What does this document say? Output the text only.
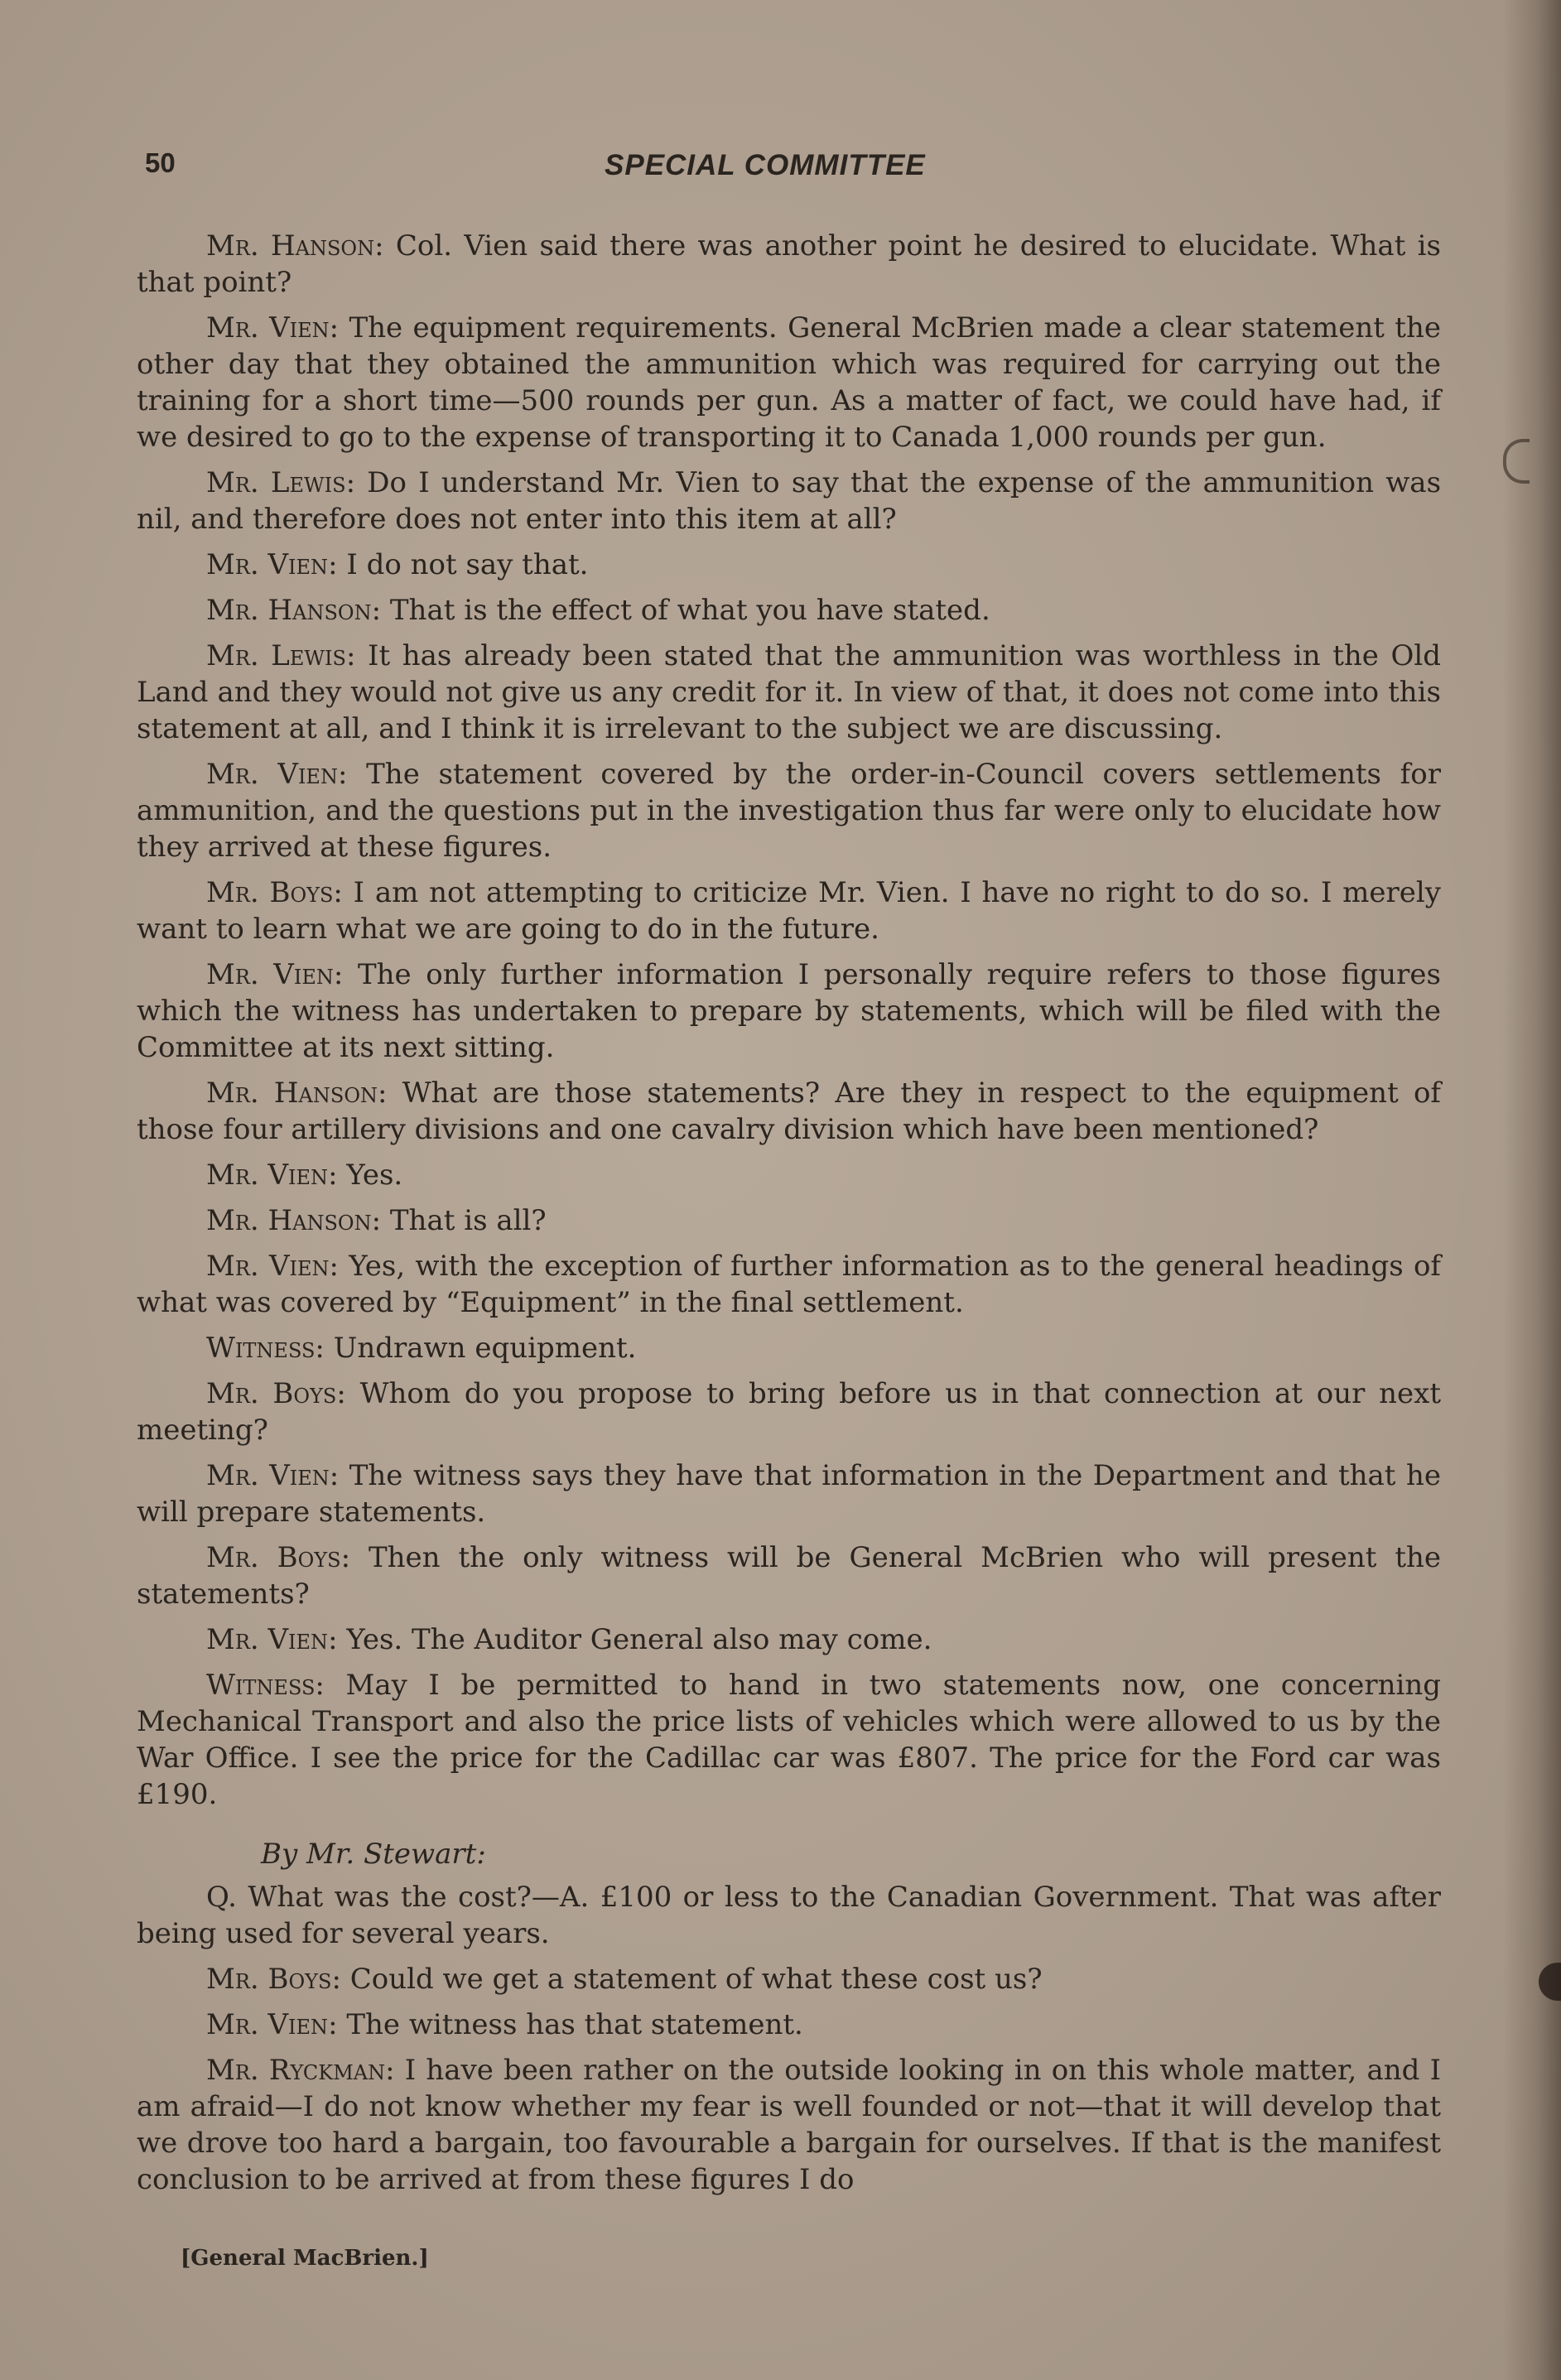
50	SPECIAL COMMITTEE

Mr. Hanson: Col. Vien said there was another point he desired to elucidate. What is that point?

Mr. Vien: The equipment requirements. General McBrien made a clear statement the other day that they obtained the ammunition which was required for carrying out the training for a short time—500 rounds per gun. As a matter of fact, we could have had, if we desired to go to the expense of transporting it to Canada 1,000 rounds per gun.

Mr. Lewis: Do I understand Mr. Vien to say that the expense of the ammunition was nil, and therefore does not enter into this item at all?

Mr. Vien: I do not say that.

Mr. Hanson: That is the effect of what you have stated.

Mr. Lewis: It has already been stated that the ammunition was worthless in the Old Land and they would not give us any credit for it. In view of that, it does not come into this statement at all, and I think it is irrelevant to the subject we are discussing.

Mr. Vien: The statement covered by the order-in-Council covers settlements for ammunition, and the questions put in the investigation thus far were only to elucidate how they arrived at these figures.

Mr. Boys: I am not attempting to criticize Mr. Vien. I have no right to do so. I merely want to learn what we are going to do in the future.

Mr. Vien: The only further information I personally require refers to those figures which the witness has undertaken to prepare by statements, which will be filed with the Committee at its next sitting.

Mr. Hanson: What are those statements? Are they in respect to the equipment of those four artillery divisions and one cavalry division which have been mentioned?

Mr. Vien: Yes.

Mr. Hanson: That is all?

Mr. Vien: Yes, with the exception of further information as to the general headings of what was covered by “Equipment” in the final settlement.

Witness: Undrawn equipment.

Mr. Boys: Whom do you propose to bring before us in that connection at our next meeting?

Mr. Vien: The witness says they have that information in the Department and that he will prepare statements.

Mr. Boys: Then the only witness will be General McBrien who will present the statements?

Mr. Vien: Yes. The Auditor General also may come.

Witness: May I be permitted to hand in two statements now, one concerning Mechanical Transport and also the price lists of vehicles which were allowed to us by the War Office. I see the price for the Cadillac car was £807. The price for the Ford car was £190.

By Mr. Stewart:

Q. What was the cost?—A. £100 or less to the Canadian Government. That was after being used for several years.

Mr. Boys: Could we get a statement of what these cost us?

Mr. Vien: The witness has that statement.

Mr. Ryckman: I have been rather on the outside looking in on this whole matter, and I am afraid—I do not know whether my fear is well founded or not—that it will develop that we drove too hard a bargain, too favourable a bargain for ourselves. If that is the manifest conclusion to be arrived at from these figures I do

[General MacBrien.]
